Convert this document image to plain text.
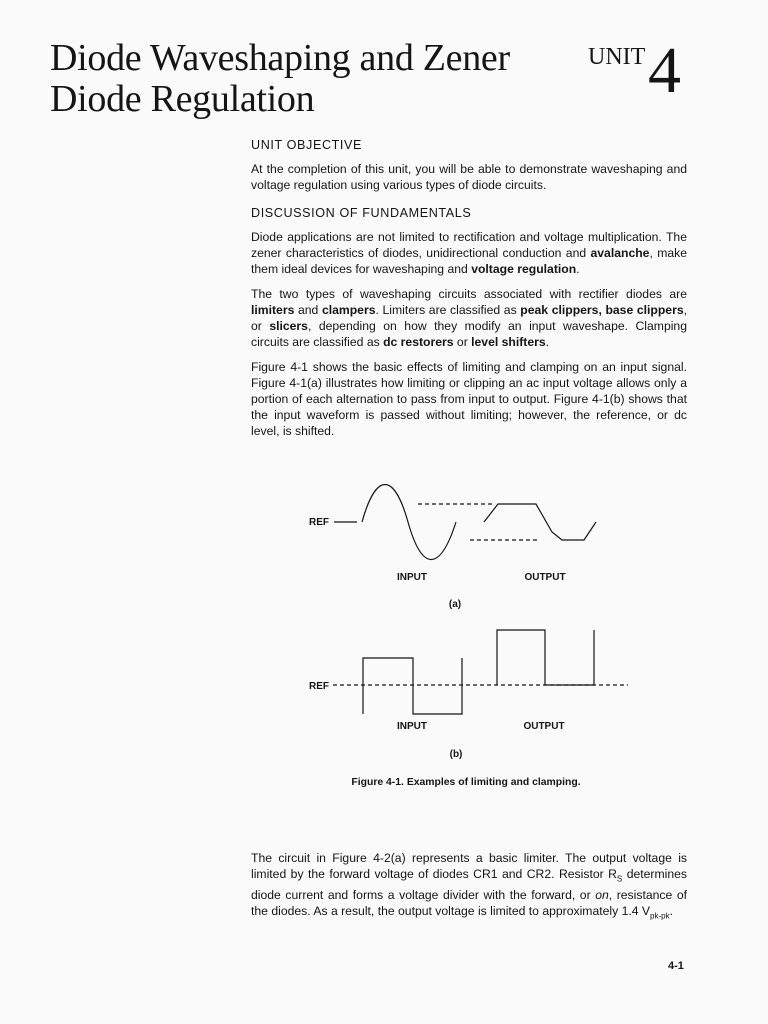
Diode Waveshaping and Zener
Diode Regulation
UNIT 4
UNIT OBJECTIVE

At the completion of this unit, you will be able to demonstrate waveshaping and voltage regulation using various types of diode circuits.

DISCUSSION OF FUNDAMENTALS

Diode applications are not limited to rectification and voltage multiplication. The zener characteristics of diodes, unidirectional conduction and avalanche, make them ideal devices for waveshaping and voltage regulation.

The two types of waveshaping circuits associated with rectifier diodes are limiters and clampers. Limiters are classified as peak clippers, base clippers, or slicers, depending on how they modify an input waveshape. Clamping circuits are classified as dc restorers or level shifters.

Figure 4-1 shows the basic effects of limiting and clamping on an input signal. Figure 4-1(a) illustrates how limiting or clipping an ac input voltage allows only a portion of each alternation to pass from input to output. Figure 4-1(b) shows that the input waveform is passed without limiting; however, the reference, or dc level, is shifted.

REF
INPUT	OUTPUT
(a)
REF
INPUT	OUTPUT
(b)
Figure 4-1. Examples of limiting and clamping.

The circuit in Figure 4-2(a) represents a basic limiter. The output voltage is limited by the forward voltage of diodes CR1 and CR2. Resistor $R_S$ determines diode current and forms a voltage divider with the forward, or on, resistance of the diodes. As a result, the output voltage is limited to approximately 1.4 $V_{pk-pk}$.

4-1
